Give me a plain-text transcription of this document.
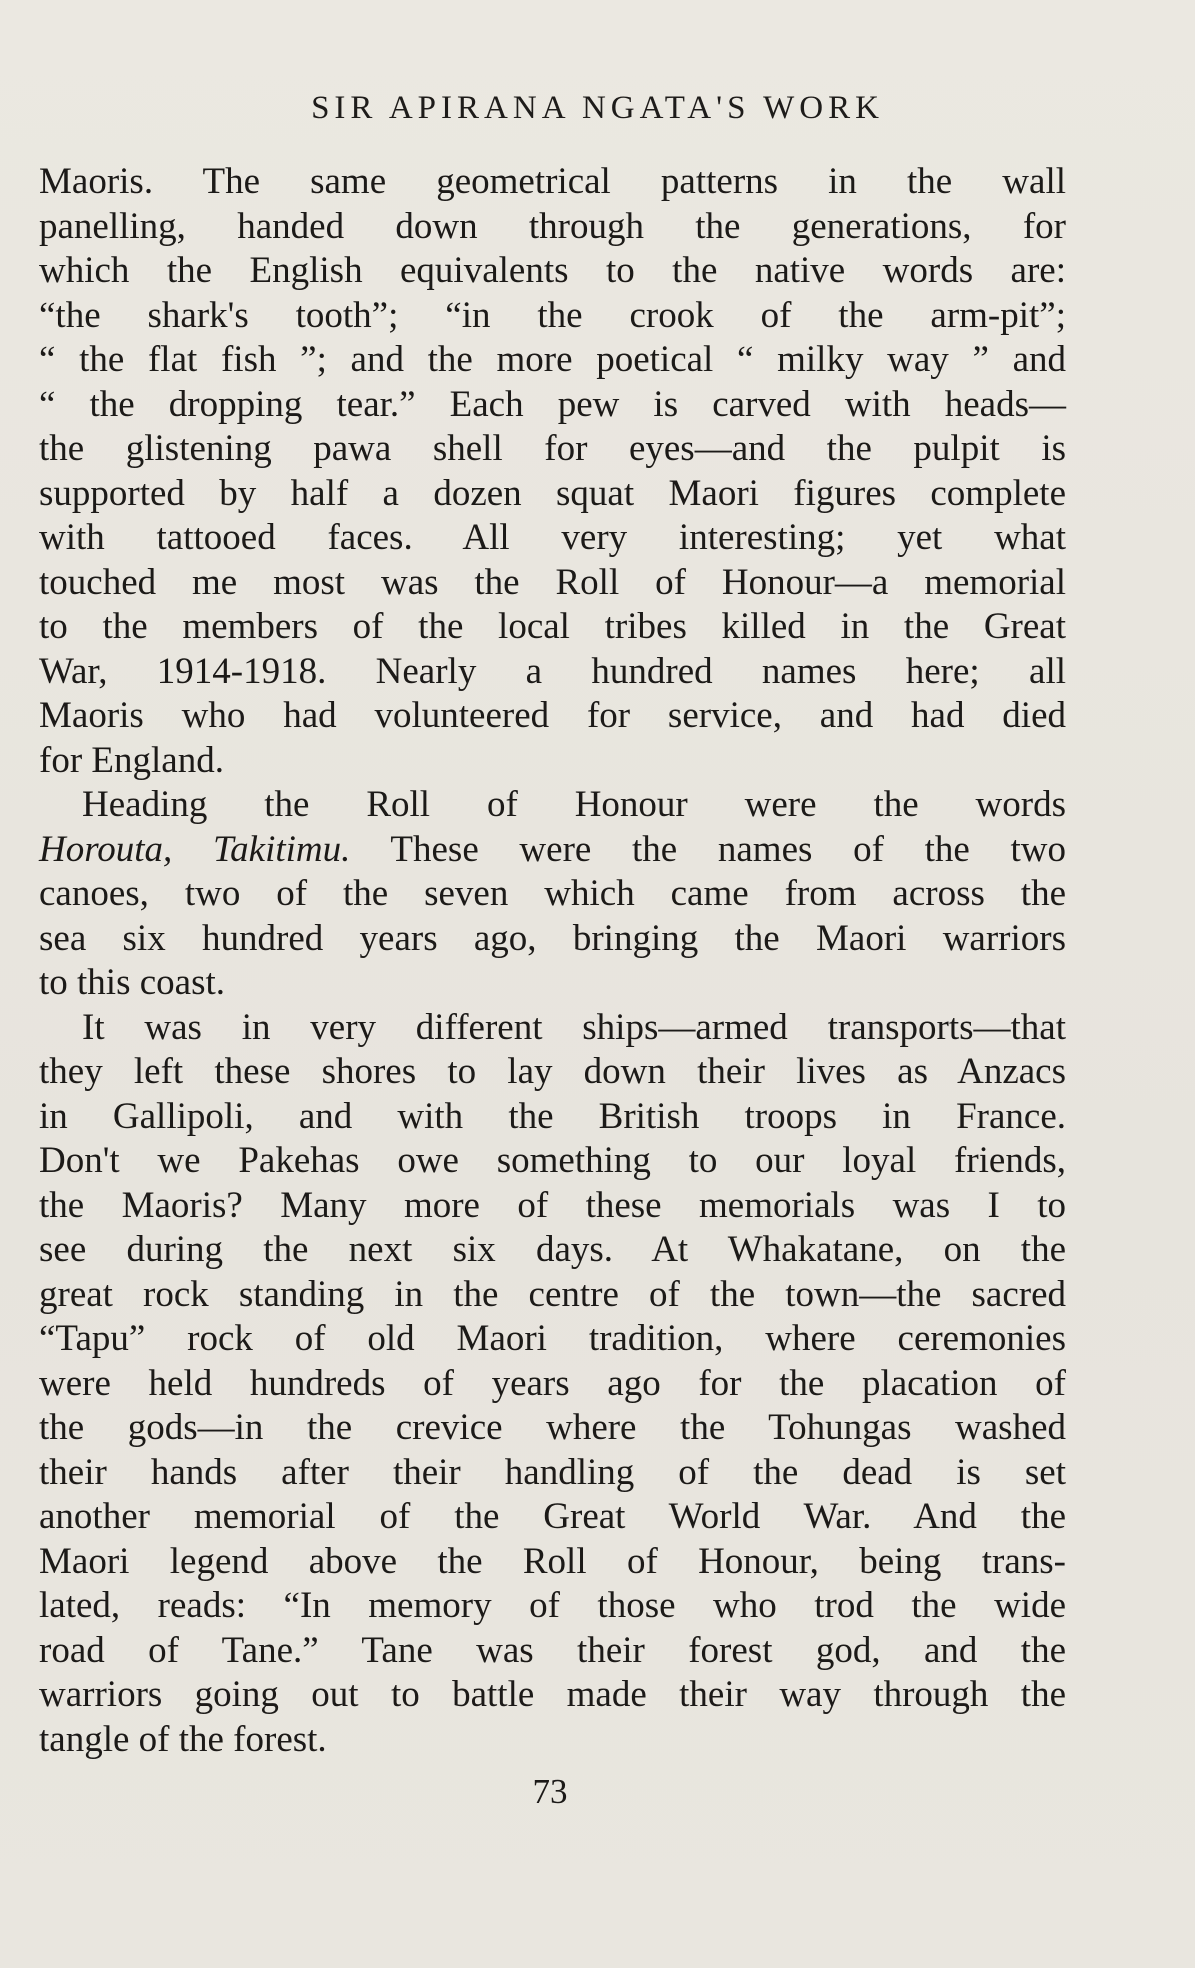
SIR APIRANA NGATA'S WORK
Maoris. The same geometrical patterns in the wall
panelling, handed down through the generations, for
which the English equivalents to the native words are:
“the shark's tooth”; “in the crook of the arm-pit”;
“ the flat fish ”; and the more poetical “ milky way ” and
“ the dropping tear.” Each pew is carved with heads—
the glistening pawa shell for eyes—and the pulpit is
supported by half a dozen squat Maori figures complete
with tattooed faces. All very interesting; yet what
touched me most was the Roll of Honour—a memorial
to the members of the local tribes killed in the Great
War, 1914-1918. Nearly a hundred names here; all
Maoris who had volunteered for service, and had died
for England.
Heading the Roll of Honour were the words
Horouta, Takitimu. These were the names of the two
canoes, two of the seven which came from across the
sea six hundred years ago, bringing the Maori warriors
to this coast.
It was in very different ships—armed transports—that
they left these shores to lay down their lives as Anzacs
in Gallipoli, and with the British troops in France.
Don't we Pakehas owe something to our loyal friends,
the Maoris? Many more of these memorials was I to
see during the next six days. At Whakatane, on the
great rock standing in the centre of the town—the sacred
“Tapu” rock of old Maori tradition, where ceremonies
were held hundreds of years ago for the placation of
the gods—in the crevice where the Tohungas washed
their hands after their handling of the dead is set
another memorial of the Great World War. And the
Maori legend above the Roll of Honour, being trans-
lated, reads: “In memory of those who trod the wide
road of Tane.” Tane was their forest god, and the
warriors going out to battle made their way through the
tangle of the forest.
73
